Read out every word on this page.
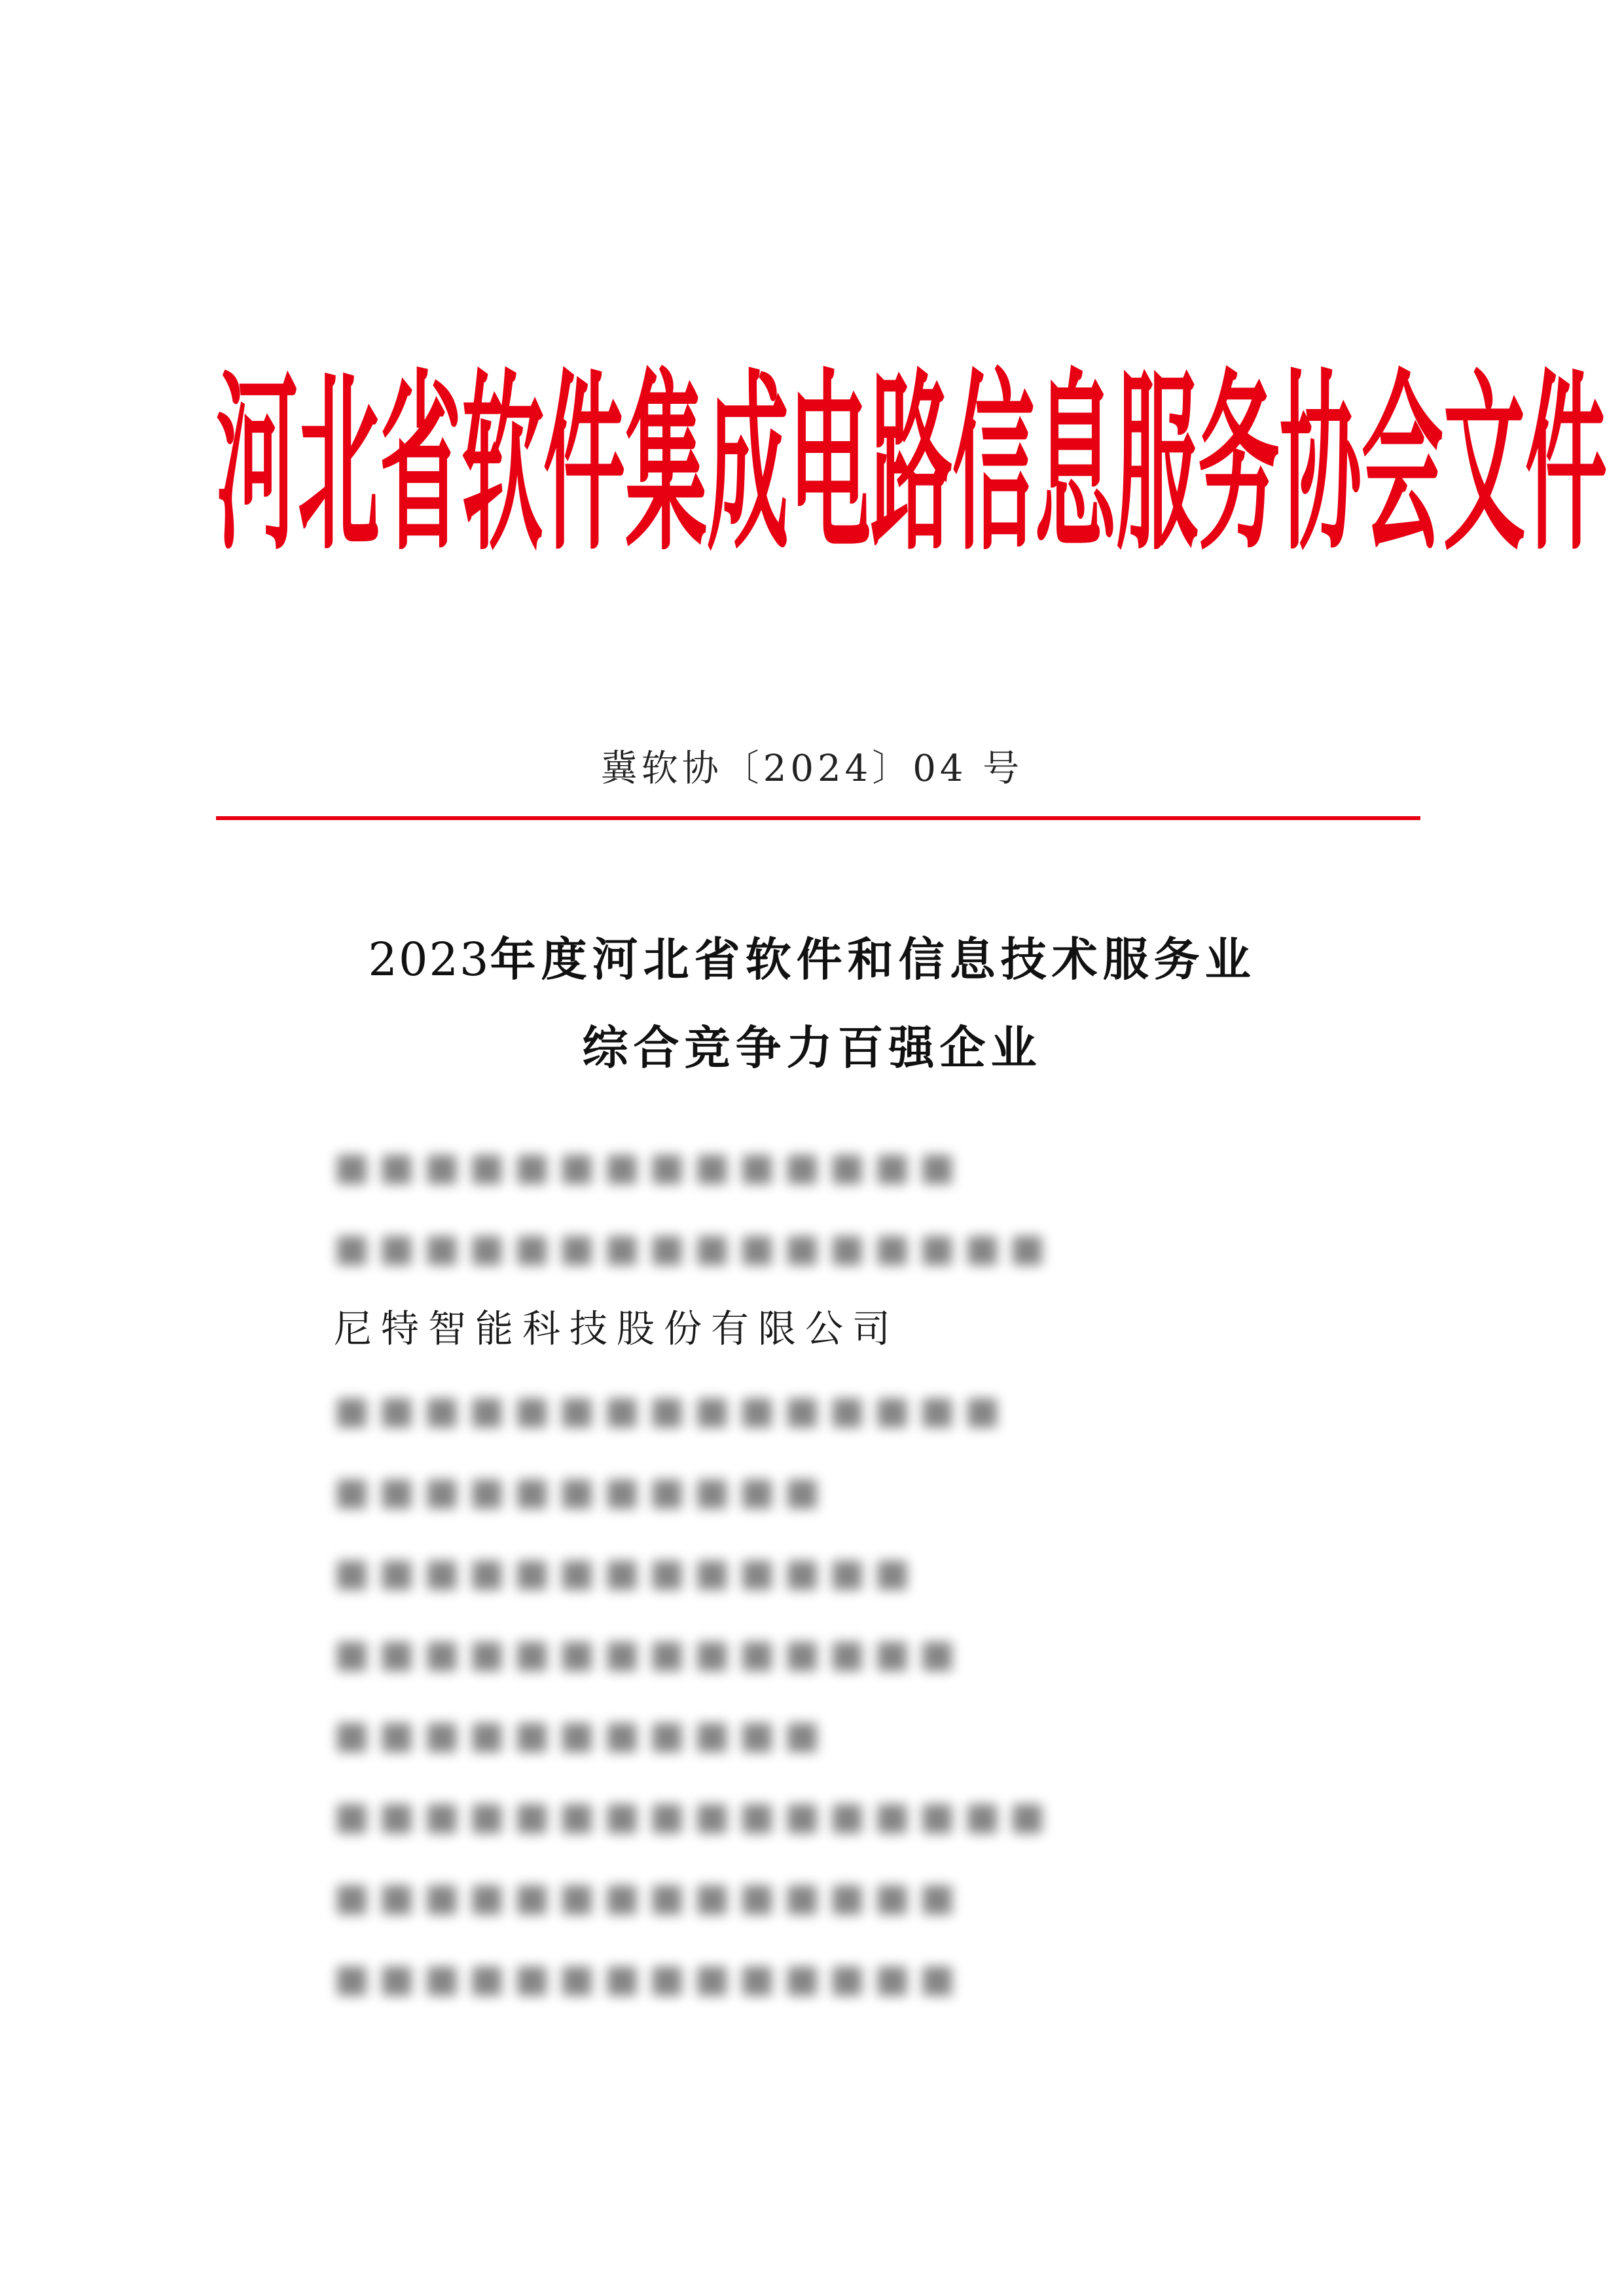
河北省软件集成电路信息服务协会文件
冀软协〔2024〕04 号
2023年度河北省软件和信息技术服务业
综合竞争力百强企业
■■■■■■■■■■■■■■
■■■■■■■■■■■■■■■■
尼特智能科技股份有限公司
■■■■■■■■■■■■■■■
■■■■■■■■■■■
■■■■■■■■■■■■■
■■■■■■■■■■■■■■
■■■■■■■■■■■
■■■■■■■■■■■■■■■■
■■■■■■■■■■■■■■
■■■■■■■■■■■■■■
